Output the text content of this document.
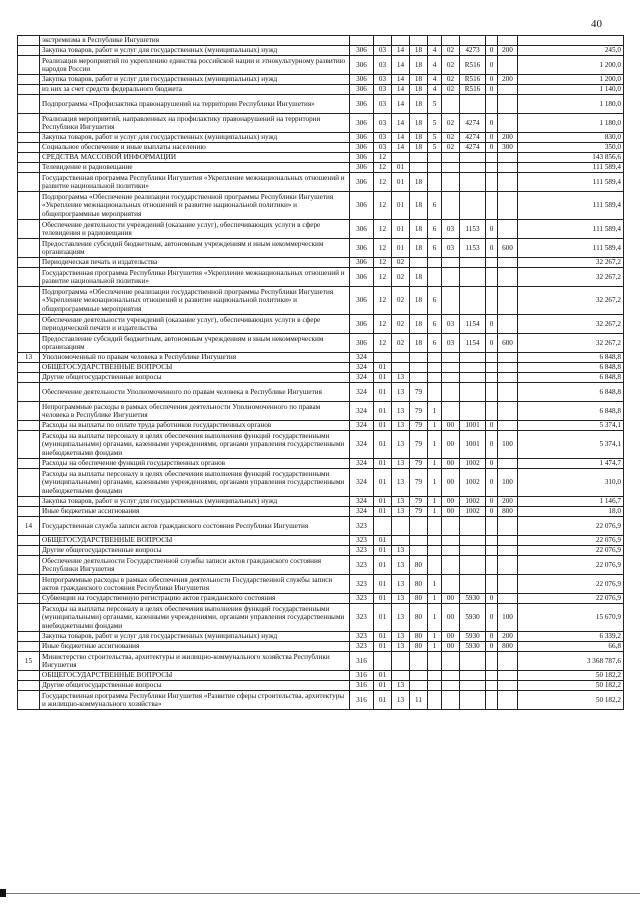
40
	экстремизма в Республике Ингушетия										
	Закупка товаров, работ и услуг для государственных (муниципальных) нужд	306	03	14	18	4	02	4273	0	200	245,0
	Реализация мероприятий по укреплению единства российской нации и этнокультурному развитию народов России	306	03	14	18	4	02	R516	0		1 200,0
	Закупка товаров, работ и услуг для государственных (муниципальных) нужд	306	03	14	18	4	02	R516	0	200	1 200,0
	из них за счет средств федерального бюджета	306	03	14	18	4	02	R516	0		1 140,0
	Подпрограмма «Профилактика правонарушений на территории Республики Ингушетия»	306	03	14	18	5					1 180,0
	Реализация мероприятий, направленных на профилактику правонарушений на территории Республики Ингушетия	306	03	14	18	5	02	4274	0		1 180,0
	Закупка товаров, работ и услуг для государственных (муниципальных) нужд	306	03	14	18	5	02	4274	0	200	830,0
	Социальное обеспечение и иные выплаты населению	306	03	14	18	5	02	4274	0	300	350,0
	СРЕДСТВА МАССОВОЙ ИНФОРМАЦИИ	306	12								143 856,6
	Телевидение и радиовещание	306	12	01							111 589,4
	Государственная программа Республики Ингушетия «Укрепление межнациональных отношений и развитие национальной политики»	306	12	01	18						111 589,4
	Подпрограмма «Обеспечение реализации государственной программы Республики Ингушетия «Укрепление межнациональных отношений и развитие национальной политики» и общепрограммные мероприятия	306	12	01	18	6					111 589,4
	Обеспечение деятельности учреждений (оказание услуг), обеспечивающих услуги в сфере телевидения и радиовещания	306	12	01	18	6	03	1153	0		111 589,4
	Предоставление субсидий бюджетным, автономным учреждениям и иным некоммерческим организациям	306	12	01	18	6	03	1153	0	600	111 589,4
	Периодическая печать и издательства	306	12	02							32 267,2
	Государственная программа Республики Ингушетия «Укрепление межнациональных отношений и развитие национальной политики»	306	12	02	18						32 267,2
	Подпрограмма «Обеспечение реализации государственной программы Республики Ингушетия «Укрепление межнациональных отношений и развитие национальной политики» и общепрограммные мероприятия	306	12	02	18	6					32 267,2
	Обеспечение деятельности учреждений (оказание услуг), обеспечивающих услуги в сфере периодической печати и издательства	306	12	02	18	6	03	1154	0		32 267,2
	Предоставление субсидий бюджетным, автономным учреждениям и иным некоммерческим организациям	306	12	02	18	6	03	1154	0	600	32 267,2
13	Уполномоченный по правам человека в Республике Ингушетия	324									6 848,8
	ОБЩЕГОСУДАРСТВЕННЫЕ ВОПРОСЫ	324	01								6 848,8
	Другие общегосударственные вопросы	324	01	13							6 848,8
	Обеспечение деятельности Уполномоченного по правам человека в Республике Ингушетия	324	01	13	79						6 848,8
	Непрограммные расходы в рамках обеспечения деятельности Уполномоченного по правам человека в Республике Ингушетия	324	01	13	79	1					6 848,8
	Расходы на выплаты по оплате труда работников государственных органов	324	01	13	79	1	00	1001	0		5 374,1
	Расходы на выплаты персоналу в целях обеспечения выполнения функций государственными (муниципальными) органами, казенными учреждениями, органами управления государственными внебюджетными фондами	324	01	13	79	1	00	1001	0	100	5 374,1
	Расходы на обеспечение функций государственных органов	324	01	13	79	1	00	1002	0		1 474,7
	Расходы на выплаты персоналу в целях обеспечения выполнения функций государственными (муниципальными) органами, казенными учреждениями, органами управления государственными внебюджетными фондами	324	01	13	79	1	00	1002	0	100	310,0
	Закупка товаров, работ и услуг для государственных (муниципальных) нужд	324	01	13	79	1	00	1002	0	200	1 146,7
	Иные бюджетные ассигнования	324	01	13	79	1	00	1002	0	800	18,0
14	Государственная служба записи актов гражданского состояния Республики Ингушетия	323									22 076,9
	ОБЩЕГОСУДАРСТВЕННЫЕ ВОПРОСЫ	323	01								22 076,9
	Другие общегосударственные вопросы	323	01	13							22 076,9
	Обеспечение деятельности Государственной службы записи актов гражданского состояния Республики Ингушетия	323	01	13	80						22 076,9
	Непрограммные расходы в рамках обеспечения деятельности Государственной службы записи актов гражданского состояния Республики Ингушетия	323	01	13	80	1					22 076,9
	Субвенции на государственную регистрацию актов гражданского состояния	323	01	13	80	1	00	5930	0		22 076,9
	Расходы на выплаты персоналу в целях обеспечения выполнения функций государственными (муниципальными) органами, казенными учреждениями, органами управления государственными внебюджетными фондами	323	01	13	80	1	00	5930	0	100	15 670,9
	Закупка товаров, работ и услуг для государственных (муниципальных) нужд	323	01	13	80	1	00	5930	0	200	6 339,2
	Иные бюджетные ассигнования	323	01	13	80	1	00	5930	0	800	66,8
15	Министерство строительства, архитектуры и жилищно-коммунального хозяйства Республики Ингушетия	316									3 368 787,6
	ОБЩЕГОСУДАРСТВЕННЫЕ ВОПРОСЫ	316	01								50 182,2
	Другие общегосударственные вопросы	316	01	13							50 182,2
	Государственная программа Республики Ингушетия «Развитие сферы строительства, архитектуры и жилищно-коммунального хозяйства»	316	01	13	11						50 182,2
